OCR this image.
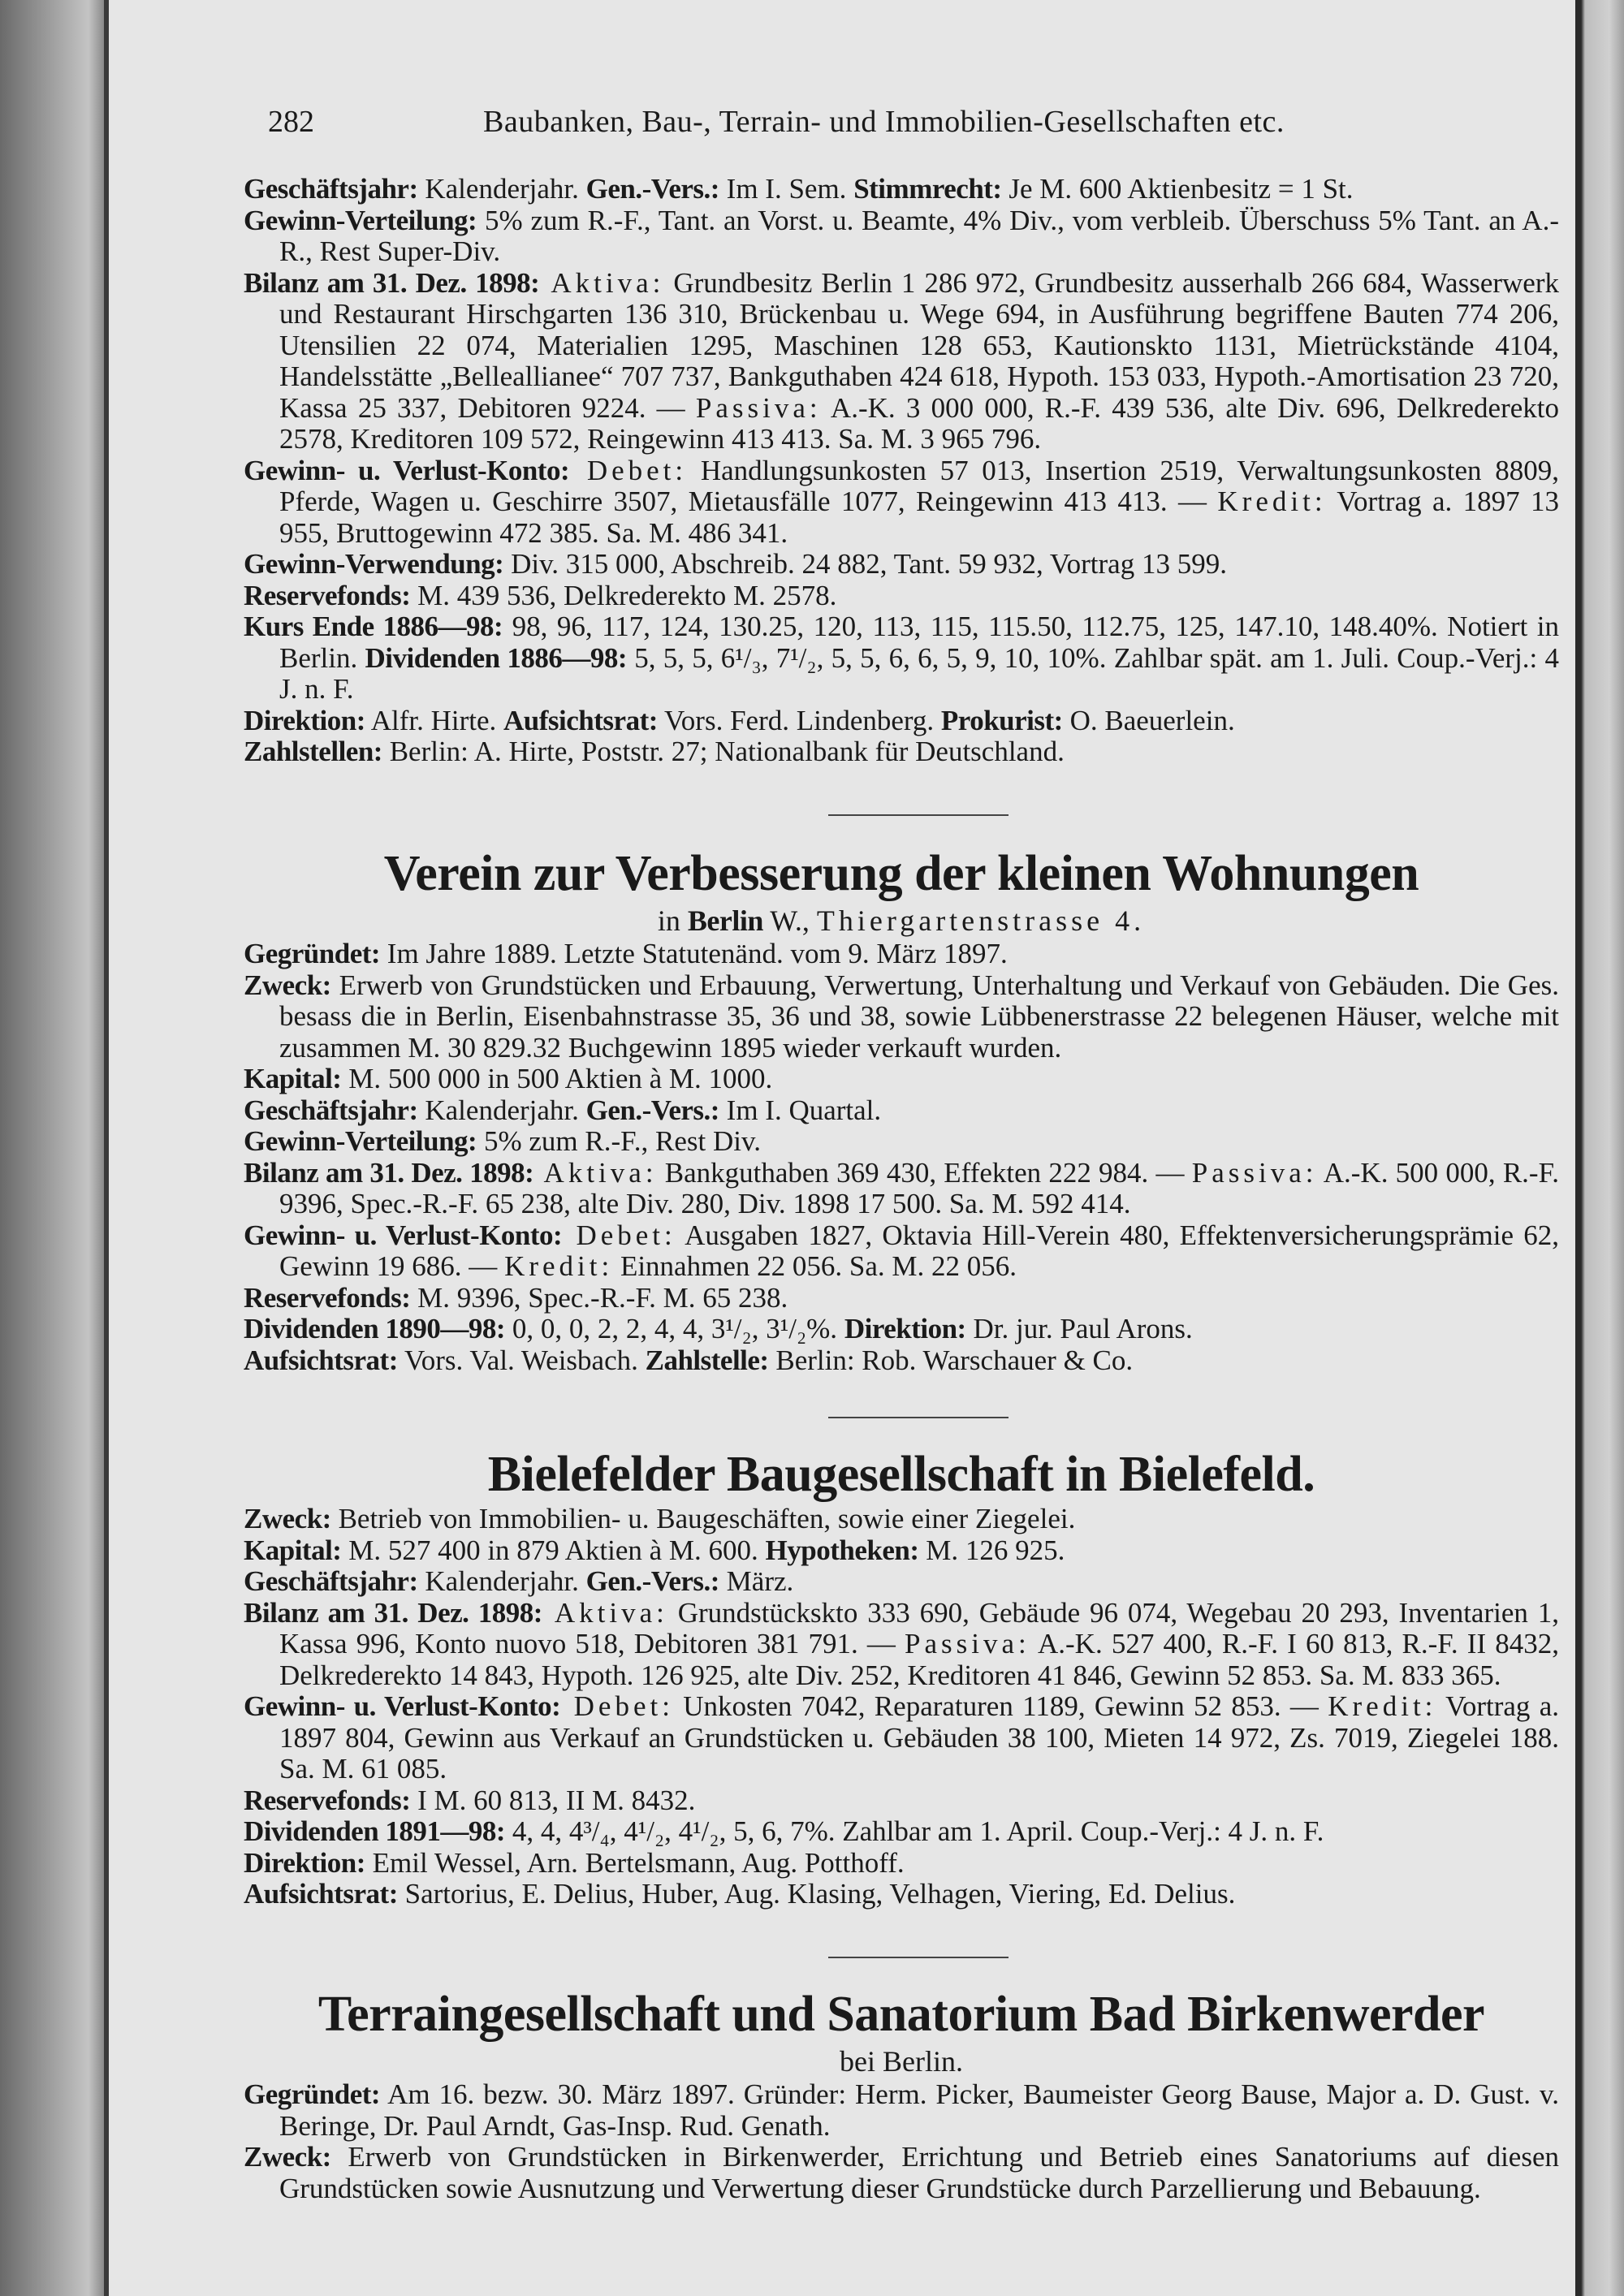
282	Baubanken, Bau-, Terrain- und Immobilien-Gesellschaften etc.

Geschäftsjahr: Kalenderjahr. Gen.-Vers.: Im I. Sem. Stimmrecht: Je M. 600 Aktienbesitz = 1 St.

Gewinn-Verteilung: 5% zum R.-F., Tant. an Vorst. u. Beamte, 4% Div., vom verbleib. Überschuss 5% Tant. an A.-R., Rest Super-Div.

Bilanz am 31. Dez. 1898: Aktiva: Grundbesitz Berlin 1 286 972, Grundbesitz ausserhalb 266 684, Wasserwerk und Restaurant Hirschgarten 136 310, Brückenbau u. Wege 694, in Ausführung begriffene Bauten 774 206, Utensilien 22 074, Materialien 1295, Maschinen 128 653, Kautionskto 1131, Mietrückstände 4104, Handelsstätte „Belleallianee“ 707 737, Bankguthaben 424 618, Hypoth. 153 033, Hypoth.-Amortisation 23 720, Kassa 25 337, Debitoren 9224. — Passiva: A.-K. 3 000 000, R.-F. 439 536, alte Div. 696, Delkrederekto 2578, Kreditoren 109 572, Reingewinn 413 413. Sa. M. 3 965 796.

Gewinn- u. Verlust-Konto: Debet: Handlungsunkosten 57 013, Insertion 2519, Verwaltungsunkosten 8809, Pferde, Wagen u. Geschirre 3507, Mietausfälle 1077, Reingewinn 413 413. — Kredit: Vortrag a. 1897 13 955, Bruttogewinn 472 385. Sa. M. 486 341.

Gewinn-Verwendung: Div. 315 000, Abschreib. 24 882, Tant. 59 932, Vortrag 13 599.

Reservefonds: M. 439 536, Delkrederekto M. 2578.

Kurs Ende 1886—98: 98, 96, 117, 124, 130.25, 120, 113, 115, 115.50, 112.75, 125, 147.10, 148.40%. Notiert in Berlin. Dividenden 1886—98: 5, 5, 5, 6¹/₃, 7¹/₂, 5, 5, 6, 6, 5, 9, 10, 10%. Zahlbar spät. am 1. Juli. Coup.-Verj.: 4 J. n. F.

Direktion: Alfr. Hirte. Aufsichtsrat: Vors. Ferd. Lindenberg. Prokurist: O. Baeuerlein.

Zahlstellen: Berlin: A. Hirte, Poststr. 27; Nationalbank für Deutschland.

Verein zur Verbesserung der kleinen Wohnungen
in Berlin W., Thiergartenstrasse 4.

Gegründet: Im Jahre 1889. Letzte Statutenänd. vom 9. März 1897.

Zweck: Erwerb von Grundstücken und Erbauung, Verwertung, Unterhaltung und Verkauf von Gebäuden. Die Ges. besass die in Berlin, Eisenbahnstrasse 35, 36 und 38, sowie Lübbenerstrasse 22 belegenen Häuser, welche mit zusammen M. 30 829.32 Buchgewinn 1895 wieder verkauft wurden.

Kapital: M. 500 000 in 500 Aktien à M. 1000.

Geschäftsjahr: Kalenderjahr. Gen.-Vers.: Im I. Quartal.

Gewinn-Verteilung: 5% zum R.-F., Rest Div.

Bilanz am 31. Dez. 1898: Aktiva: Bankguthaben 369 430, Effekten 222 984. — Passiva: A.-K. 500 000, R.-F. 9396, Spec.-R.-F. 65 238, alte Div. 280, Div. 1898 17 500. Sa. M. 592 414.

Gewinn- u. Verlust-Konto: Debet: Ausgaben 1827, Oktavia Hill-Verein 480, Effektenversicherungsprämie 62, Gewinn 19 686. — Kredit: Einnahmen 22 056. Sa. M. 22 056.

Reservefonds: M. 9396, Spec.-R.-F. M. 65 238.

Dividenden 1890—98: 0, 0, 0, 2, 2, 4, 4, 3¹/₂, 3¹/₂%. Direktion: Dr. jur. Paul Arons.

Aufsichtsrat: Vors. Val. Weisbach. Zahlstelle: Berlin: Rob. Warschauer & Co.

Bielefelder Baugesellschaft in Bielefeld.

Zweck: Betrieb von Immobilien- u. Baugeschäften, sowie einer Ziegelei.

Kapital: M. 527 400 in 879 Aktien à M. 600. Hypotheken: M. 126 925.

Geschäftsjahr: Kalenderjahr. Gen.-Vers.: März.

Bilanz am 31. Dez. 1898: Aktiva: Grundstückskto 333 690, Gebäude 96 074, Wegebau 20 293, Inventarien 1, Kassa 996, Konto nuovo 518, Debitoren 381 791. — Passiva: A.-K. 527 400, R.-F. I 60 813, R.-F. II 8432, Delkrederekto 14 843, Hypoth. 126 925, alte Div. 252, Kreditoren 41 846, Gewinn 52 853. Sa. M. 833 365.

Gewinn- u. Verlust-Konto: Debet: Unkosten 7042, Reparaturen 1189, Gewinn 52 853. — Kredit: Vortrag a. 1897 804, Gewinn aus Verkauf an Grundstücken u. Gebäuden 38 100, Mieten 14 972, Zs. 7019, Ziegelei 188. Sa. M. 61 085.

Reservefonds: I M. 60 813, II M. 8432.

Dividenden 1891—98: 4, 4, 4³/₄, 4¹/₂, 4¹/₂, 5, 6, 7%. Zahlbar am 1. April. Coup.-Verj.: 4 J. n. F.

Direktion: Emil Wessel, Arn. Bertelsmann, Aug. Potthoff.

Aufsichtsrat: Sartorius, E. Delius, Huber, Aug. Klasing, Velhagen, Viering, Ed. Delius.

Terraingesellschaft und Sanatorium Bad Birkenwerder
bei Berlin.

Gegründet: Am 16. bezw. 30. März 1897. Gründer: Herm. Picker, Baumeister Georg Bause, Major a. D. Gust. v. Beringe, Dr. Paul Arndt, Gas-Insp. Rud. Genath.

Zweck: Erwerb von Grundstücken in Birkenwerder, Errichtung und Betrieb eines Sanatoriums auf diesen Grundstücken sowie Ausnutzung und Verwertung dieser Grundstücke durch Parzellierung und Bebauung.
